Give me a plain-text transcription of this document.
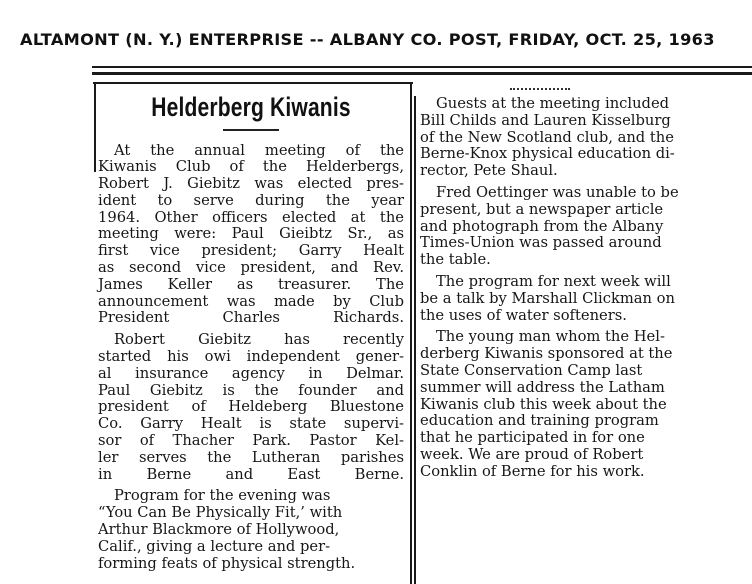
ALTAMONT (N. Y.) ENTERPRISE -- ALBANY CO. POST, FRIDAY, OCT. 25, 1963
Helderberg Kiwanis

At the annual meeting of the
Kiwanis Club of the Helderbergs,
Robert J. Giebitz was elected pres-
ident to serve during the year
1964. Other officers elected at the
meeting were: Paul Gieibtz Sr., as
first vice president; Garry Healt
as second vice president, and Rev.
James Keller as treasurer. The
announcement was made by Club
President Charles Richards.

Robert Giebitz has recently
started his owi independent gener-
al insurance agency in Delmar.
Paul Giebitz is the founder and
president of Heldeberg Bluestone
Co. Garry Healt is state supervi-
sor of Thacher Park. Pastor Kel-
ler serves the Lutheran parishes
in Berne and East Berne.

Program for the evening was
“You Can Be Physically Fit,’ with
Arthur Blackmore of Hollywood,
Calif., giving a lecture and per-
forming feats of physical strength.

Guests at the meeting included
Bill Childs and Lauren Kisselburg
of the New Scotland club, and the
Berne-Knox physical education di-
rector, Pete Shaul.

Fred Oettinger was unable to be
present, but a newspaper article
and photograph from the Albany
Times-Union was passed around
the table.

The program for next week will
be a talk by Marshall Clickman on
the uses of water softeners.

The young man whom the Hel-
derberg Kiwanis sponsored at the
State Conservation Camp last
summer will address the Latham
Kiwanis club this week about the
education and training program
that he participated in for one
week. We are proud of Robert
Conklin of Berne for his work.
